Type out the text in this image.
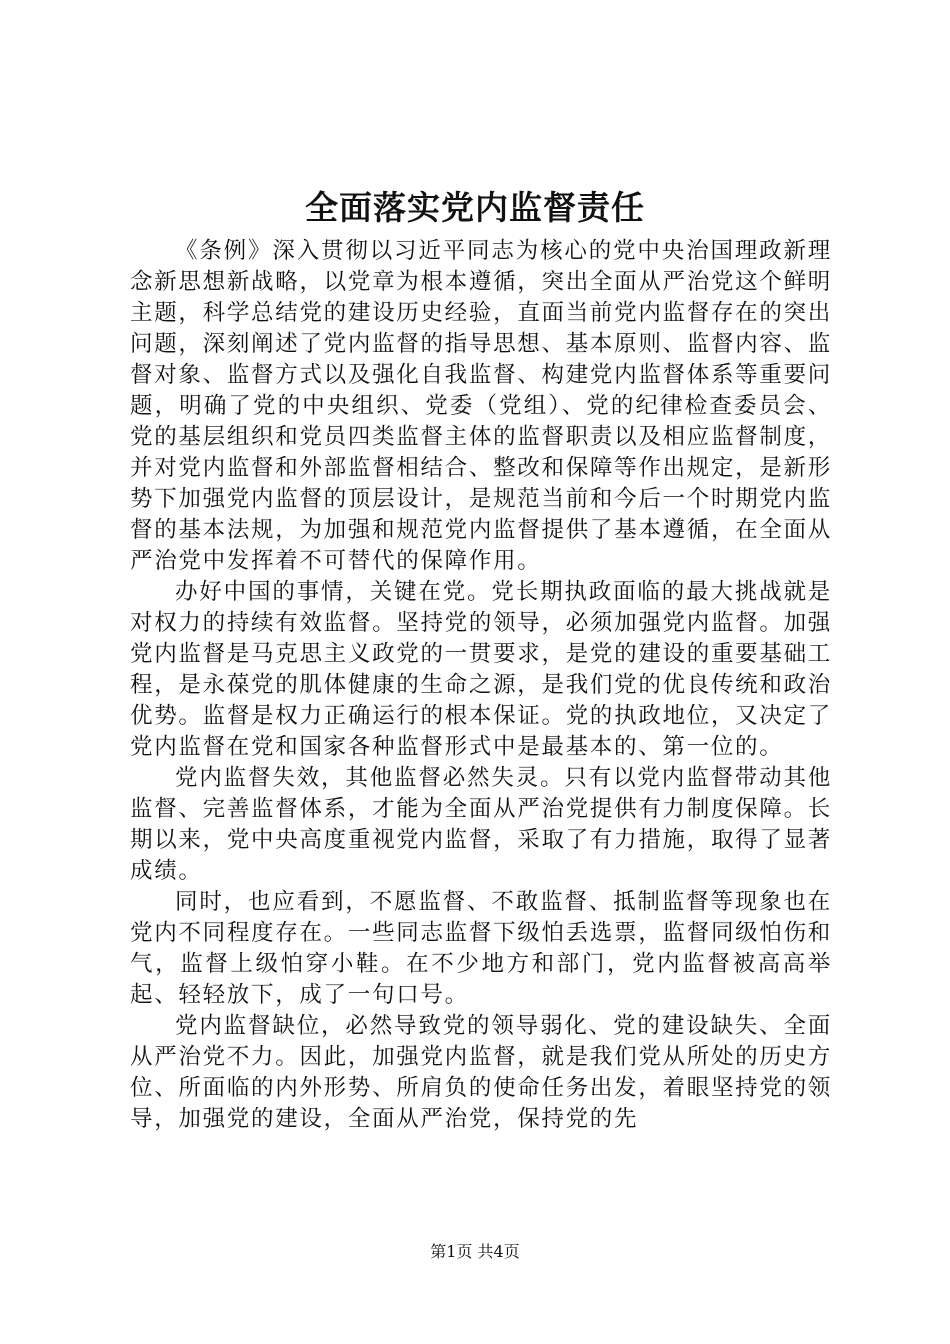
全面落实党内监督责任

《条例》深入贯彻以习近平同志为核心的党中央治国理政新理念新思想新战略，以党章为根本遵循，突出全面从严治党这个鲜明主题，科学总结党的建设历史经验，直面当前党内监督存在的突出问题，深刻阐述了党内监督的指导思想、基本原则、监督内容、监督对象、监督方式以及强化自我监督、构建党内监督体系等重要问题，明确了党的中央组织、党委（党组）、党的纪律检查委员会、党的基层组织和党员四类监督主体的监督职责以及相应监督制度，并对党内监督和外部监督相结合、整改和保障等作出规定，是新形势下加强党内监督的顶层设计，是规范当前和今后一个时期党内监督的基本法规，为加强和规范党内监督提供了基本遵循，在全面从严治党中发挥着不可替代的保障作用。

办好中国的事情，关键在党。党长期执政面临的最大挑战就是对权力的持续有效监督。坚持党的领导，必须加强党内监督。加强党内监督是马克思主义政党的一贯要求，是党的建设的重要基础工程，是永葆党的肌体健康的生命之源，是我们党的优良传统和政治优势。监督是权力正确运行的根本保证。党的执政地位，又决定了党内监督在党和国家各种监督形式中是最基本的、第一位的。

党内监督失效，其他监督必然失灵。只有以党内监督带动其他监督、完善监督体系，才能为全面从严治党提供有力制度保障。长期以来，党中央高度重视党内监督，采取了有力措施，取得了显著成绩。

同时，也应看到，不愿监督、不敢监督、抵制监督等现象也在党内不同程度存在。一些同志监督下级怕丢选票，监督同级怕伤和气，监督上级怕穿小鞋。在不少地方和部门，党内监督被高高举起、轻轻放下，成了一句口号。

党内监督缺位，必然导致党的领导弱化、党的建设缺失、全面从严治党不力。因此，加强党内监督，就是我们党从所处的历史方位、所面临的内外形势、所肩负的使命任务出发，着眼坚持党的领导，加强党的建设，全面从严治党，保持党的先

第1页 共4页
